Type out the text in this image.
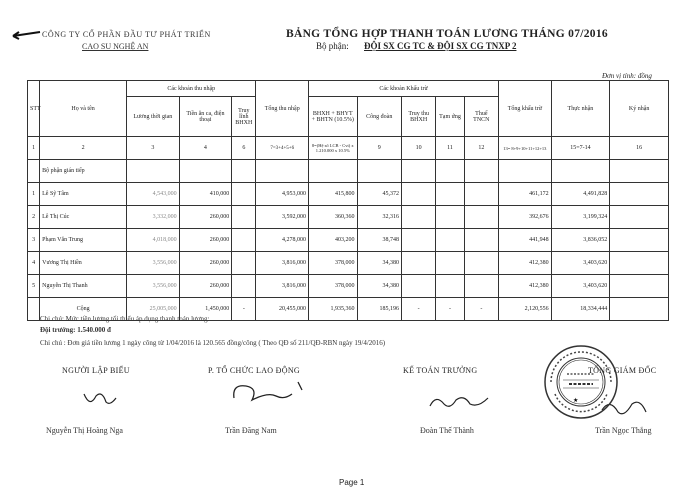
CÔNG TY CỔ PHẦN ĐẦU TƯ PHÁT TRIỂN
CAO SU NGHỆ AN
BẢNG TỔNG HỢP THANH TOÁN LƯƠNG THÁNG 07/2016
Bộ phận: ĐỘI SX CG TC & ĐỘI SX CG TNXP 2
Đơn vị tính: đồng
STT	Họ và tên	Các khoản thu nhập			Tổng thu nhập	Các khoản Khấu trừ					Tổng khấu trừ	Thực nhận	Ký nhận
		Lương thời gian	Tiền ăn ca, điện thoại	Truy lĩnh BHXH		BHXH + BHYT + BHTN (10.5%)	Công đoàn	Truy thu BHXH	Tạm ứng	Thuế TNCN			
1	2	3	4	6	7=3+4+5+6	8=(Hệ số LCB - Cvt) x 1.210.000 x 10.5%	9	10	11	12	13= 8+9+10+11+12+13	15=7-14	16
	Bộ phận gián tiếp												
1	Lê Sỹ Tâm	4,543,000	410,000		4,953,000	415,800	45,372				461,172	4,491,828	
2	Lê Thị Cúc	3,332,000	260,000		3,592,000	360,360	32,316				392,676	3,199,324	
3	Phạm Văn Trung	4,018,000	260,000		4,278,000	403,200	38,748				441,948	3,836,052	
4	Vương Thị Hiền	3,556,000	260,000		3,816,000	378,000	34,380				412,380	3,403,620	
5	Nguyễn Thị Thanh	3,556,000	260,000		3,816,000	378,000	34,380				412,380	3,403,620	
	Cộng	25,005,000	1,450,000	-	20,455,000	1,935,360	185,196	-	-	-	2,120,556	18,334,444	
Chi chú: Mức tiền lương tối thiểu áp dụng thanh toán lương:
Đội trưởng: 1.540.000 đ
Chi chú : Đơn giá tiền lương 1 ngày công từ 1/04/2016 là 120.565 đồng/công ( Theo QĐ số 211/QĐ-RBN ngày 19/4/2016)
NGƯỜI LẬP BIỂU	P. TỔ CHỨC LAO ĐỘNG	KẾ TOÁN TRƯỞNG	TỔNG GIÁM ĐỐC
★
Nguyễn Thị Hoàng Nga	Trần Đăng Nam	Đoàn Thế Thành	Trần Ngọc Thắng
Page 1
